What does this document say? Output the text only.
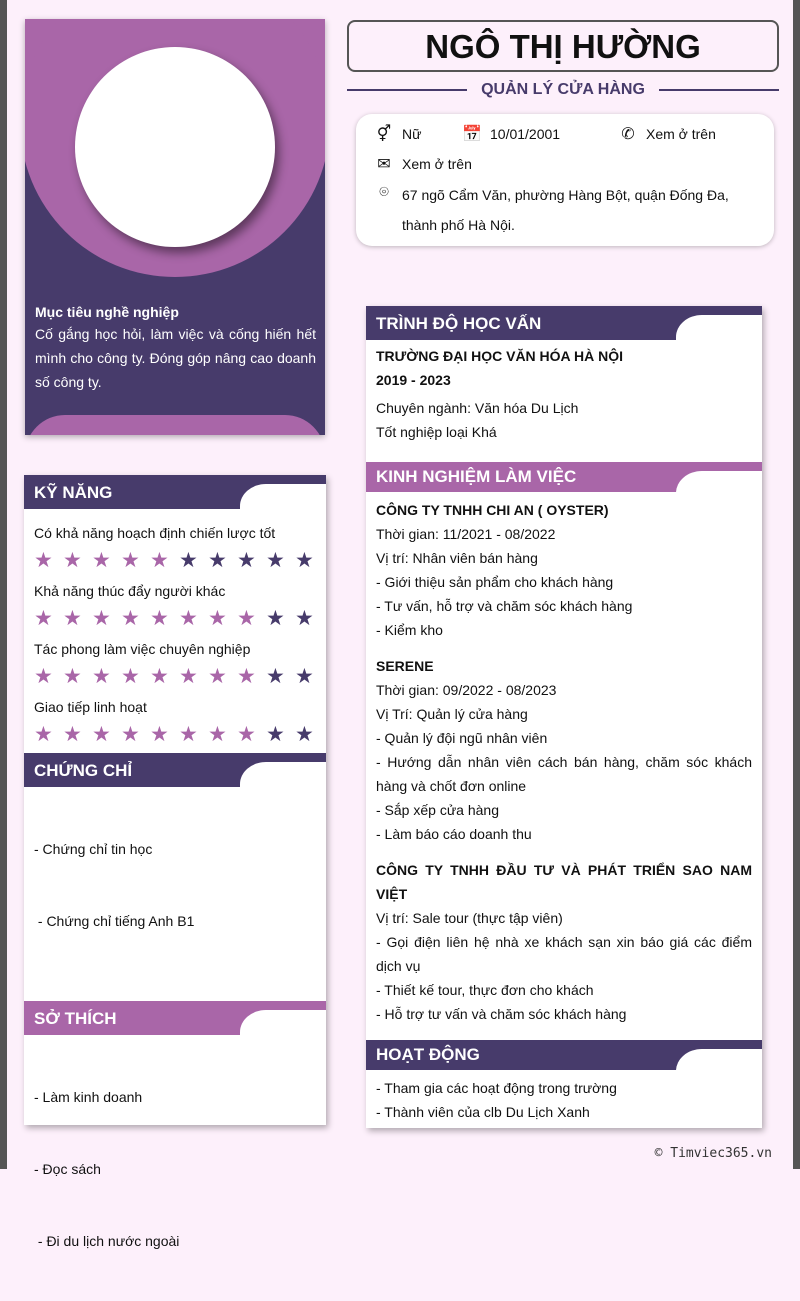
Mục tiêu nghề nghiệp
Cố gắng học hỏi, làm việc và cống hiến hết mình cho công ty. Đóng góp nâng cao doanh số công ty.
KỸ NĂNG
Có khả năng hoạch định chiến lược tốt
★ ★ ★ ★ ★ ★ ★ ★ ★ ★
Khả năng thúc đẩy người khác
★ ★ ★ ★ ★ ★ ★ ★ ★ ★
Tác phong làm việc chuyên nghiệp
★ ★ ★ ★ ★ ★ ★ ★ ★ ★
Giao tiếp linh hoạt
★ ★ ★ ★ ★ ★ ★ ★ ★ ★
CHỨNG CHỈ

- Chứng chỉ tin học

- Chứng chỉ tiếng Anh B1

SỞ THÍCH

- Làm kinh doanh

- Đọc sách

- Đi du lịch nước ngoài

NGÔ THỊ HƯỜNG
QUẢN LÝ CỬA HÀNG
⚥ Nữ	📅 10/01/2001	✆ Xem ở trên
✉ Xem ở trên
⌾ 67 ngõ Cẩm Văn, phường Hàng Bột, quận Đống Đa,
thành phố Hà Nội.
TRÌNH ĐỘ HỌC VẤN
TRƯỜNG ĐẠI HỌC VĂN HÓA HÀ NỘI
2019 - 2023
Chuyên ngành: Văn hóa Du Lịch
Tốt nghiệp loại Khá
KINH NGHIỆM LÀM VIỆC
CÔNG TY TNHH CHI AN ( OYSTER)
Thời gian: 11/2021 - 08/2022
Vị trí: Nhân viên bán hàng
- Giới thiệu sản phẩm cho khách hàng
- Tư vấn, hỗ trợ và chăm sóc khách hàng
- Kiểm kho
SERENE
Thời gian: 09/2022 - 08/2023
Vị Trí: Quản lý cửa hàng
- Quản lý đội ngũ nhân viên
- Hướng dẫn nhân viên cách bán hàng, chăm sóc khách hàng và chốt đơn online
- Sắp xếp cửa hàng
- Làm báo cáo doanh thu
CÔNG TY TNHH ĐẦU TƯ VÀ PHÁT TRIỂN SAO NAM VIỆT
Vị trí: Sale tour (thực tập viên)
- Gọi điện liên hệ nhà xe khách sạn xin báo giá các điểm dịch vụ
- Thiết kế tour, thực đơn cho khách
- Hỗ trợ tư vấn và chăm sóc khách hàng
HOẠT ĐỘNG
- Tham gia các hoạt động trong trường
- Thành viên của clb Du Lịch Xanh
© Timviec365.vn
